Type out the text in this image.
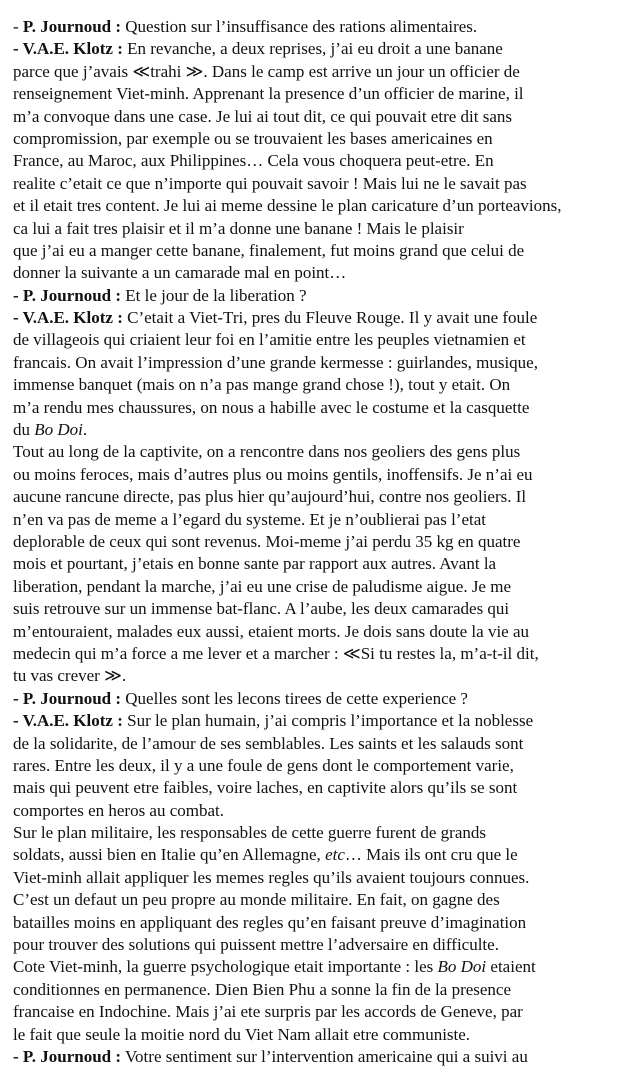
- P. Journoud : Question sur l’insuffisance des rations alimentaires.
- V.A.E. Klotz : En revanche, a deux reprises, j’ai eu droit a une banane
parce que j’avais ≪trahi ≫. Dans le camp est arrive un jour un officier de
renseignement Viet-minh. Apprenant la presence d’un officier de marine, il
m’a convoque dans une case. Je lui ai tout dit, ce qui pouvait etre dit sans
compromission, par exemple ou se trouvaient les bases americaines en
France, au Maroc, aux Philippines… Cela vous choquera peut-etre. En
realite c’etait ce que n’importe qui pouvait savoir ! Mais lui ne le savait pas
et il etait tres content. Je lui ai meme dessine le plan caricature d’un porteavions,
ca lui a fait tres plaisir et il m’a donne une banane ! Mais le plaisir
que j’ai eu a manger cette banane, finalement, fut moins grand que celui de
donner la suivante a un camarade mal en point…
- P. Journoud : Et le jour de la liberation ?
- V.A.E. Klotz : C’etait a Viet-Tri, pres du Fleuve Rouge. Il y avait une foule
de villageois qui criaient leur foi en l’amitie entre les peuples vietnamien et
francais. On avait l’impression d’une grande kermesse : guirlandes, musique,
immense banquet (mais on n’a pas mange grand chose !), tout y etait. On
m’a rendu mes chaussures, on nous a habille avec le costume et la casquette
du Bo Doi.
Tout au long de la captivite, on a rencontre dans nos geoliers des gens plus
ou moins feroces, mais d’autres plus ou moins gentils, inoffensifs. Je n’ai eu
aucune rancune directe, pas plus hier qu’aujourd’hui, contre nos geoliers. Il
n’en va pas de meme a l’egard du systeme. Et je n’oublierai pas l’etat
deplorable de ceux qui sont revenus. Moi-meme j’ai perdu 35 kg en quatre
mois et pourtant, j’etais en bonne sante par rapport aux autres. Avant la
liberation, pendant la marche, j’ai eu une crise de paludisme aigue. Je me
suis retrouve sur un immense bat-flanc. A l’aube, les deux camarades qui
m’entouraient, malades eux aussi, etaient morts. Je dois sans doute la vie au
medecin qui m’a force a me lever et a marcher : ≪Si tu restes la, m’a-t-il dit,
tu vas crever ≫.
- P. Journoud : Quelles sont les lecons tirees de cette experience ?
- V.A.E. Klotz : Sur le plan humain, j’ai compris l’importance et la noblesse
de la solidarite, de l’amour de ses semblables. Les saints et les salauds sont
rares. Entre les deux, il y a une foule de gens dont le comportement varie,
mais qui peuvent etre faibles, voire laches, en captivite alors qu’ils se sont
comportes en heros au combat.
Sur le plan militaire, les responsables de cette guerre furent de grands
soldats, aussi bien en Italie qu’en Allemagne, etc… Mais ils ont cru que le
Viet-minh allait appliquer les memes regles qu’ils avaient toujours connues.
C’est un defaut un peu propre au monde militaire. En fait, on gagne des
batailles moins en appliquant des regles qu’en faisant preuve d’imagination
pour trouver des solutions qui puissent mettre l’adversaire en difficulte.
Cote Viet-minh, la guerre psychologique etait importante : les Bo Doi etaient
conditionnes en permanence. Dien Bien Phu a sonne la fin de la presence
francaise en Indochine. Mais j’ai ete surpris par les accords de Geneve, par
le fait que seule la moitie nord du Viet Nam allait etre communiste.
- P. Journoud : Votre sentiment sur l’intervention americaine qui a suivi au
